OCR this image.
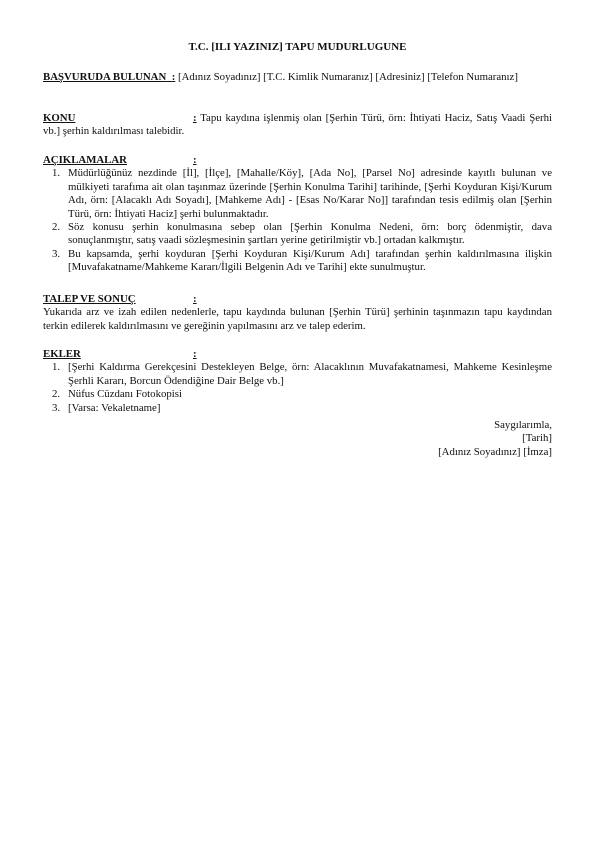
T.C. [ILI YAZINIZ] TAPU MUDURLUGUNE
BAŞVURUDA BULUNAN : [Adınız Soyadınız] [T.C. Kimlik Numaranız] [Adresiniz] [Telefon Numaranız]
KONU	: Tapu kaydına işlenmiş olan [Şerhin Türü, örn: İhtiyati Haciz, Satış Vaadi Şerhi vb.] şerhin kaldırılması talebidir.
AÇIKLAMALAR	:
1. Müdürlüğünüz nezdinde [İl], [İlçe], [Mahalle/Köy], [Ada No], [Parsel No] adresinde kayıtlı bulunan ve mülkiyeti tarafıma ait olan taşınmaz üzerinde [Şerhin Konulma Tarihi] tarihinde, [Şerhi Koyduran Kişi/Kurum Adı, örn: [Alacaklı Adı Soyadı], [Mahkeme Adı] - [Esas No/Karar No]] tarafından tesis edilmiş olan [Şerhin Türü, örn: İhtiyati Haciz] şerhi bulunmaktadır.
2. Söz konusu şerhin konulmasına sebep olan [Şerhin Konulma Nedeni, örn: borç ödenmiştir, dava sonuçlanmıştır, satış vaadi sözleşmesinin şartları yerine getirilmiştir vb.] ortadan kalkmıştır.
3. Bu kapsamda, şerhi koyduran [Şerhi Koyduran Kişi/Kurum Adı] tarafından şerhin kaldırılmasına ilişkin [Muvafakatname/Mahkeme Kararı/İlgili Belgenin Adı ve Tarihi] ekte sunulmuştur.
TALEP VE SONUÇ	:
Yukarıda arz ve izah edilen nedenlerle, tapu kaydında bulunan [Şerhin Türü] şerhinin taşınmazın tapu kaydından terkin edilerek kaldırılmasını ve gereğinin yapılmasını arz ve talep ederim.
EKLER	:
1. [Şerhi Kaldırma Gerekçesini Destekleyen Belge, örn: Alacaklının Muvafakatnamesi, Mahkeme Kesinleşme Şerhli Kararı, Borcun Ödendiğine Dair Belge vb.]
2. Nüfus Cüzdanı Fotokopisi
3. [Varsa: Vekaletname]
Saygılarımla,
[Tarih]
[Adınız Soyadınız] [İmza]
